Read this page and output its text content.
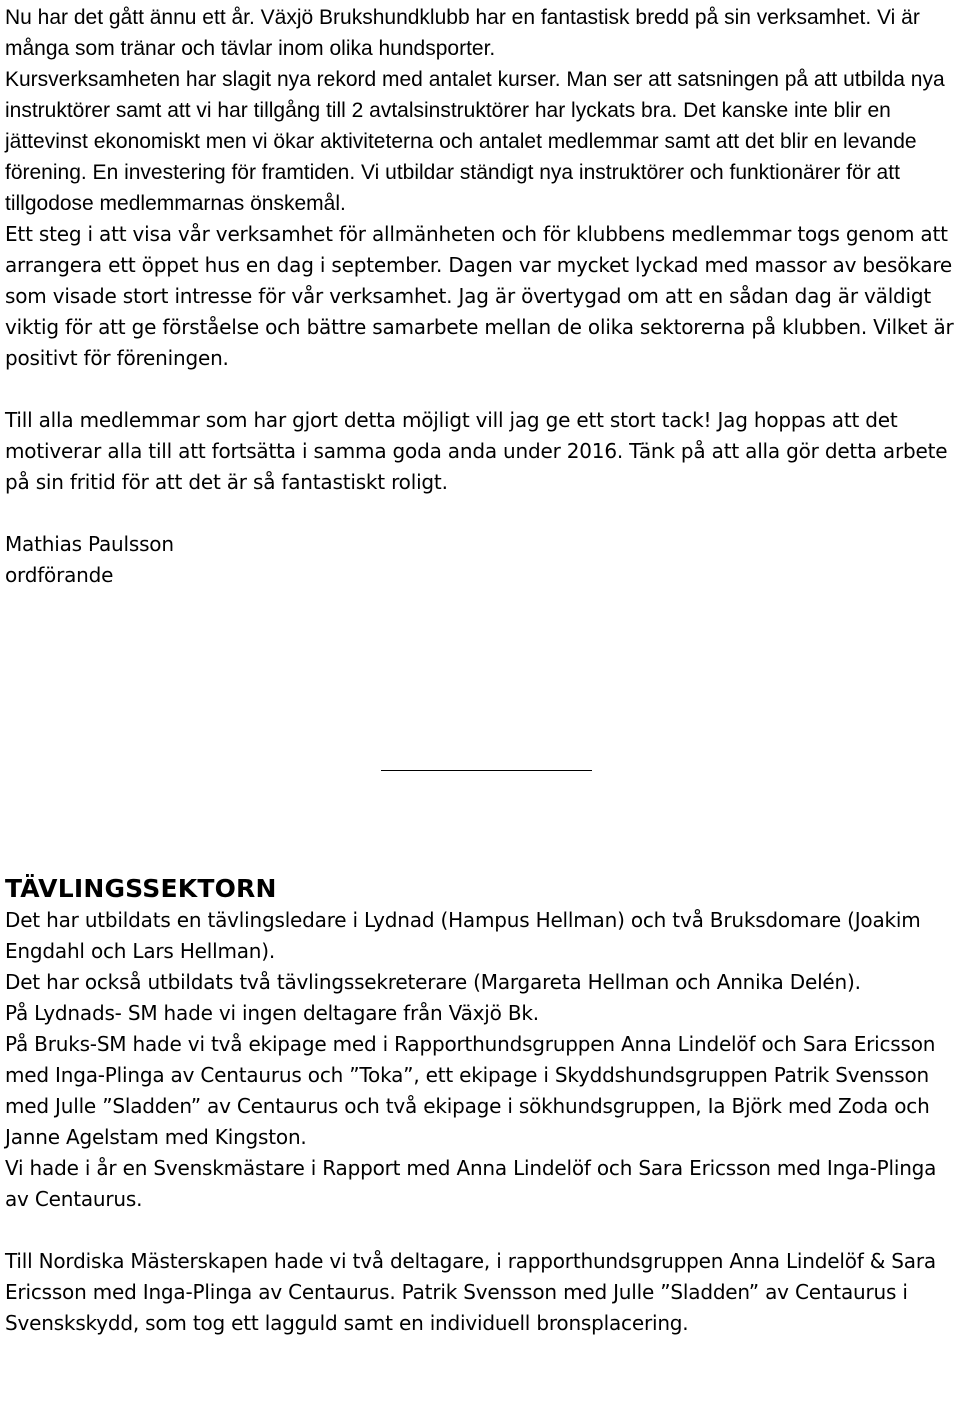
Nu har det gått ännu ett år. Växjö Brukshundklubb har en fantastisk bredd på sin verksamhet. Vi är många som tränar och tävlar inom olika hundsporter.

Kursverksamheten har slagit nya rekord med antalet kurser. Man ser att satsningen på att utbilda nya instruktörer samt att vi har tillgång till 2 avtalsinstruktörer har lyckats bra. Det kanske inte blir en jättevinst ekonomiskt men vi ökar aktiviteterna och antalet medlemmar samt att det blir en levande förening. En investering för framtiden. Vi utbildar ständigt nya instruktörer och funktionärer för att tillgodose medlemmarnas önskemål.

Ett steg i att visa vår verksamhet för allmänheten och för klubbens medlemmar togs genom att arrangera ett öppet hus en dag i september. Dagen var mycket lyckad med massor av besökare som visade stort intresse för vår verksamhet. Jag är övertygad om att en sådan dag är väldigt viktig för att ge förståelse och bättre samarbete mellan de olika sektorerna på klubben. Vilket är positivt för föreningen.

Till alla medlemmar som har gjort detta möjligt vill jag ge ett stort tack! Jag hoppas att det motiverar alla till att fortsätta i samma goda anda under 2016. Tänk på att alla gör detta arbete på sin fritid för att det är så fantastiskt roligt.

Mathias Paulsson

ordförande

TÄVLINGSSEKTORN

Det har utbildats en tävlingsledare i Lydnad (Hampus Hellman) och två Bruksdomare (Joakim Engdahl och Lars Hellman).

Det har också utbildats två tävlingssekreterare (Margareta Hellman och Annika Delén).

På Lydnads- SM hade vi ingen deltagare från Växjö Bk.

På Bruks-SM hade vi två ekipage med i Rapporthundsgruppen Anna Lindelöf och Sara Ericsson med Inga-Plinga av Centaurus och ”Toka”, ett ekipage i Skyddshundsgruppen Patrik Svensson med Julle ”Sladden” av Centaurus och två ekipage i sökhundsgruppen, Ia Björk med Zoda och Janne Agelstam med Kingston.

Vi hade i år en Svenskmästare i Rapport med Anna Lindelöf och Sara Ericsson med Inga-Plinga av Centaurus.

Till Nordiska Mästerskapen hade vi två deltagare, i rapporthundsgruppen Anna Lindelöf & Sara Ericsson med Inga-Plinga av Centaurus. Patrik Svensson med Julle ”Sladden” av Centaurus i Svenskskydd, som tog ett lagguld samt en individuell bronsplacering.
